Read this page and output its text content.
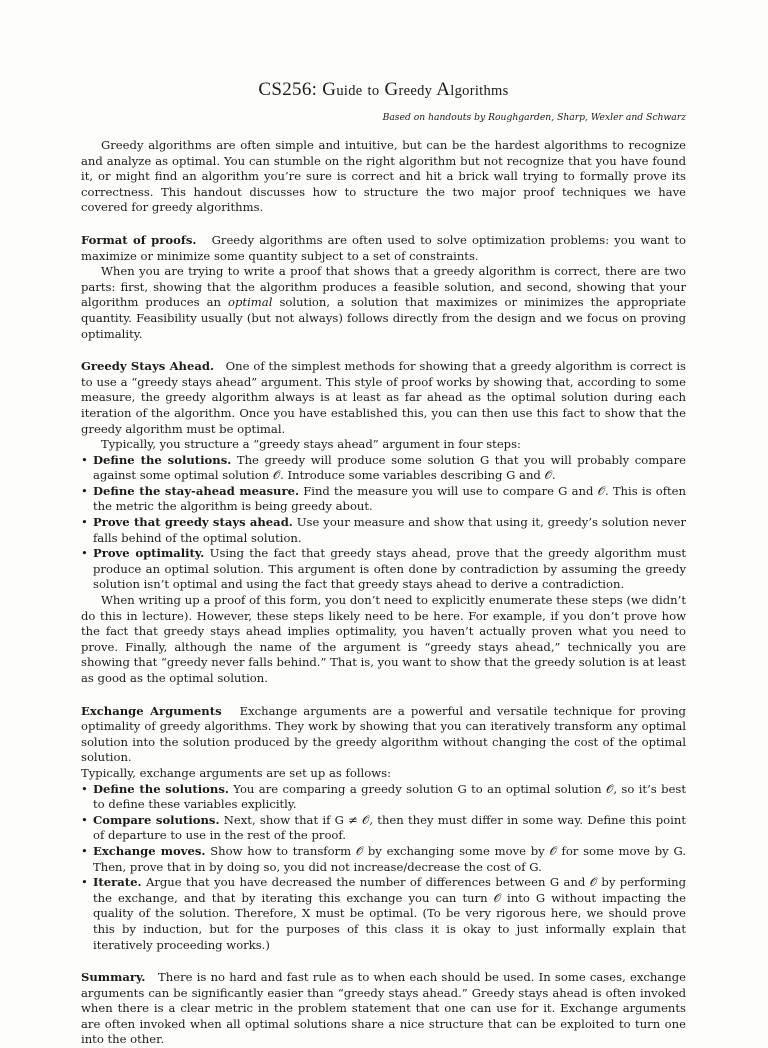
CS256: Guide to Greedy Algorithms
Based on handouts by Roughgarden, Sharp, Wexler and Schwarz

Greedy algorithms are often simple and intuitive, but can be the hardest algorithms to recognize and analyze as optimal. You can stumble on the right algorithm but not recognize that you have found it, or might find an algorithm you’re sure is correct and hit a brick wall trying to formally prove its correctness. This handout discusses how to structure the two major proof techniques we have covered for greedy algorithms.

Format of proofs. Greedy algorithms are often used to solve optimization problems: you want to maximize or minimize some quantity subject to a set of constraints.

When you are trying to write a proof that shows that a greedy algorithm is correct, there are two parts: first, showing that the algorithm produces a feasible solution, and second, showing that your algorithm produces an optimal solution, a solution that maximizes or minimizes the appropriate quantity. Feasibility usually (but not always) follows directly from the design and we focus on proving optimality.

Greedy Stays Ahead. One of the simplest methods for showing that a greedy algorithm is correct is to use a “greedy stays ahead” argument. This style of proof works by showing that, according to some measure, the greedy algorithm always is at least as far ahead as the optimal solution during each iteration of the algorithm. Once you have established this, you can then use this fact to show that the greedy algorithm must be optimal.

Typically, you structure a “greedy stays ahead” argument in four steps:

• Define the solutions. The greedy will produce some solution G that you will probably compare against some optimal solution 𝒪. Introduce some variables describing G and 𝒪.
• Define the stay-ahead measure. Find the measure you will use to compare G and 𝒪. This is often the metric the algorithm is being greedy about.
• Prove that greedy stays ahead. Use your measure and show that using it, greedy’s solution never falls behind of the optimal solution.
• Prove optimality. Using the fact that greedy stays ahead, prove that the greedy algorithm must produce an optimal solution. This argument is often done by contradiction by assuming the greedy solution isn’t optimal and using the fact that greedy stays ahead to derive a contradiction.

When writing up a proof of this form, you don’t need to explicitly enumerate these steps (we didn’t do this in lecture). However, these steps likely need to be here. For example, if you don’t prove how the fact that greedy stays ahead implies optimality, you haven’t actually proven what you need to prove. Finally, although the name of the argument is “greedy stays ahead,” technically you are showing that “greedy never falls behind.” That is, you want to show that the greedy solution is at least as good as the optimal solution.

Exchange Arguments Exchange arguments are a powerful and versatile technique for proving optimality of greedy algorithms. They work by showing that you can iteratively transform any optimal solution into the solution produced by the greedy algorithm without changing the cost of the optimal solution.

Typically, exchange arguments are set up as follows:

• Define the solutions. You are comparing a greedy solution G to an optimal solution 𝒪, so it’s best to define these variables explicitly.
• Compare solutions. Next, show that if G ≠ 𝒪, then they must differ in some way. Define this point of departure to use in the rest of the proof.
• Exchange moves. Show how to transform 𝒪 by exchanging some move by 𝒪 for some move by G. Then, prove that in by doing so, you did not increase/decrease the cost of G.
• Iterate. Argue that you have decreased the number of differences between G and 𝒪 by performing the exchange, and that by iterating this exchange you can turn 𝒪 into G without impacting the quality of the solution. Therefore, X must be optimal. (To be very rigorous here, we should prove this by induction, but for the purposes of this class it is okay to just informally explain that iteratively proceeding works.)

Summary. There is no hard and fast rule as to when each should be used. In some cases, exchange arguments can be significantly easier than “greedy stays ahead.” Greedy stays ahead is often invoked when there is a clear metric in the problem statement that one can use for it. Exchange arguments are often invoked when all optimal solutions share a nice structure that can be exploited to turn one into the other.
